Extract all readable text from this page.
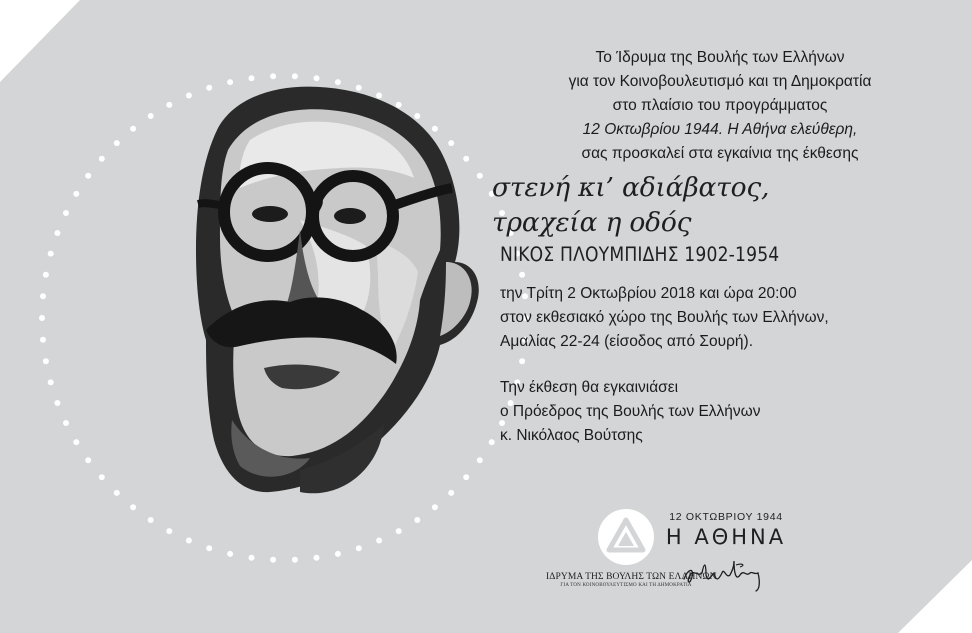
Το Ίδρυμα της Βουλής των Ελλήνων
για τον Κοινοβουλευτισμό και τη Δημοκρατία
στο πλαίσιο του προγράμματος
12 Οκτωβρίου 1944. Η Αθήνα ελεύθερη,
σας προσκαλεί στα εγκαίνια της έκθεσης
στενή κι’ αδιάβατος,
τραχεία η οδός
ΝΙΚΟΣ ΠΛΟΥΜΠΙΔΗΣ 1902-1954
την Τρίτη 2 Οκτωβρίου 2018 και ώρα 20:00
στον εκθεσιακό χώρο της Βουλής των Ελλήνων,
Αμαλίας 22-24 (είσοδος από Σουρή).
Την έκθεση θα εγκαινιάσει
ο Πρόεδρος της Βουλής των Ελλήνων
κ. Νικόλαος Βούτσης
ΙΔΡΥΜΑ ΤΗΣ ΒΟΥΛΗΣ ΤΩΝ ΕΛΛΗΝΩΝ
ΓΙΑ ΤΟΝ ΚΟΙΝΟΒΟΥΛΕΥΤΙΣΜΟ ΚΑΙ ΤΗ ΔΗΜΟΚΡΑΤΙΑ
12 ΟΚΤΩΒΡΙΟΥ 1944
Η ΑΘΗΝΑ
